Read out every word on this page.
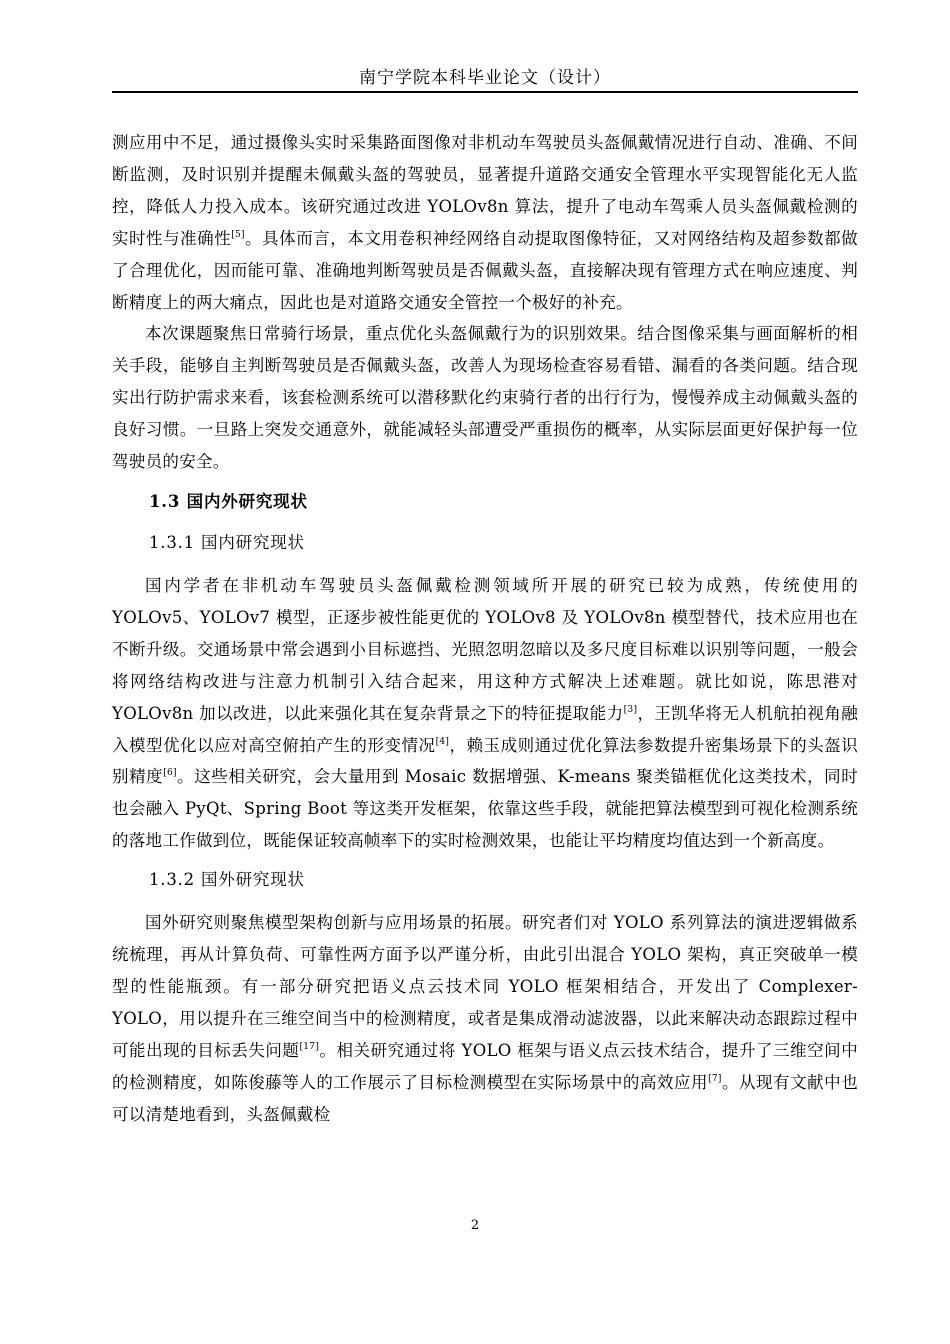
南宁学院本科毕业论文（设计）

测应用中不足，通过摄像头实时采集路面图像对非机动车驾驶员头盔佩戴情况进行自动、准确、不间断监测，及时识别并提醒未佩戴头盔的驾驶员，显著提升道路交通安全管理水平实现智能化无人监控，降低人力投入成本。该研究通过改进 YOLOv8n 算法，提升了电动车驾乘人员头盔佩戴检测的实时性与准确性[5]。具体而言，本文用卷积神经网络自动提取图像特征，又对网络结构及超参数都做了合理优化，因而能可靠、准确地判断驾驶员是否佩戴头盔，直接解决现有管理方式在响应速度、判断精度上的两大痛点，因此也是对道路交通安全管控一个极好的补充。

本次课题聚焦日常骑行场景，重点优化头盔佩戴行为的识别效果。结合图像采集与画面解析的相关手段，能够自主判断驾驶员是否佩戴头盔，改善人为现场检查容易看错、漏看的各类问题。结合现实出行防护需求来看，该套检测系统可以潜移默化约束骑行者的出行行为，慢慢养成主动佩戴头盔的良好习惯。一旦路上突发交通意外，就能减轻头部遭受严重损伤的概率，从实际层面更好保护每一位驾驶员的安全。

1.3 国内外研究现状
1.3.1 国内研究现状

国内学者在非机动车驾驶员头盔佩戴检测领域所开展的研究已较为成熟，传统使用的 YOLOv5、YOLOv7 模型，正逐步被性能更优的 YOLOv8 及 YOLOv8n 模型替代，技术应用也在不断升级。交通场景中常会遇到小目标遮挡、光照忽明忽暗以及多尺度目标难以识别等问题，一般会将网络结构改进与注意力机制引入结合起来，用这种方式解决上述难题。就比如说，陈思港对 YOLOv8n 加以改进，以此来强化其在复杂背景之下的特征提取能力[3]，王凯华将无人机航拍视角融入模型优化以应对高空俯拍产生的形变情况[4]，赖玉成则通过优化算法参数提升密集场景下的头盔识别精度[6]。这些相关研究，会大量用到 Mosaic 数据增强、K-means 聚类锚框优化这类技术，同时也会融入 PyQt、Spring Boot 等这类开发框架，依靠这些手段，就能把算法模型到可视化检测系统的落地工作做到位，既能保证较高帧率下的实时检测效果，也能让平均精度均值达到一个新高度。

1.3.2 国外研究现状

国外研究则聚焦模型架构创新与应用场景的拓展。研究者们对 YOLO 系列算法的演进逻辑做系统梳理，再从计算负荷、可靠性两方面予以严谨分析，由此引出混合 YOLO 架构，真正突破单一模型的性能瓶颈。有一部分研究把语义点云技术同 YOLO 框架相结合，开发出了 Complexer-YOLO，用以提升在三维空间当中的检测精度，或者是集成滑动滤波器，以此来解决动态跟踪过程中可能出现的目标丢失问题[17]。相关研究通过将 YOLO 框架与语义点云技术结合，提升了三维空间中的检测精度，如陈俊藤等人的工作展示了目标检测模型在实际场景中的高效应用[7]。从现有文献中也可以清楚地看到，头盔佩戴检

2
